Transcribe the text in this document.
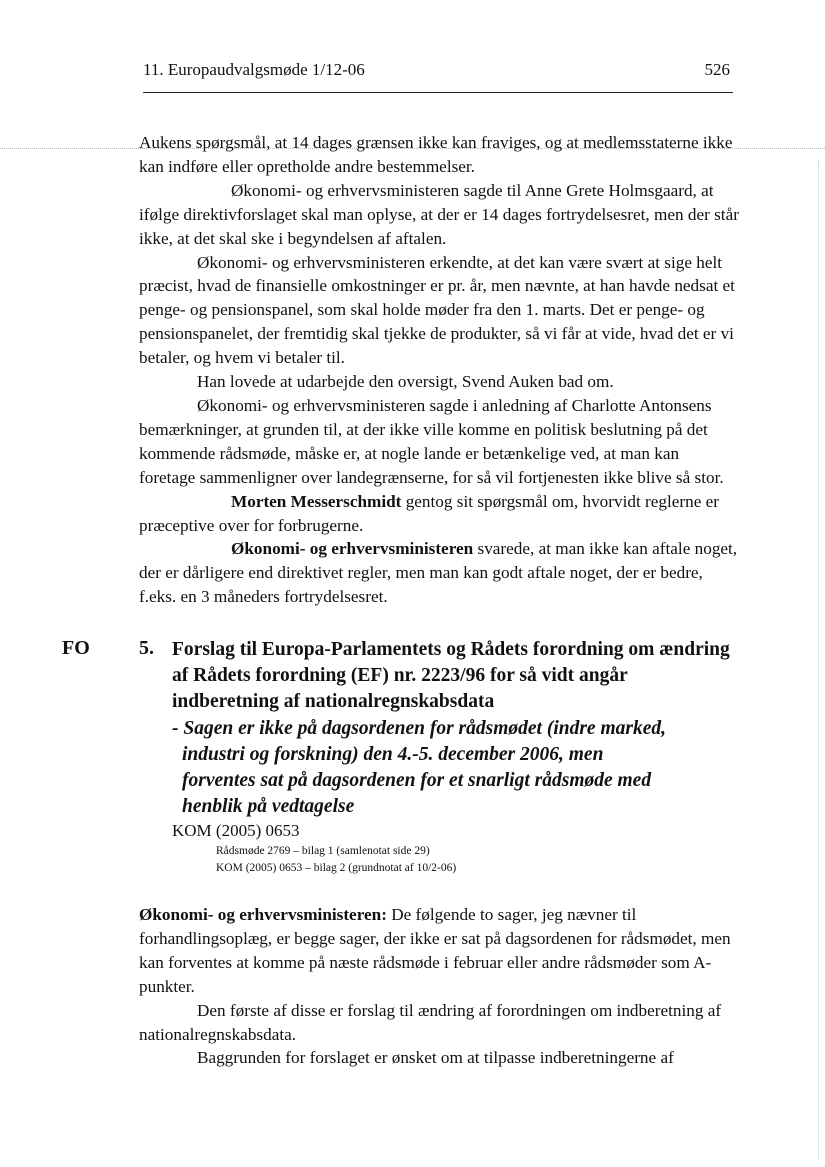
11. Europaudvalgsmøde 1/12-06	526

Aukens spørgsmål, at 14 dages grænsen ikke kan fraviges, og at medlemsstaterne ikke kan indføre eller opretholde andre bestemmelser.

Økonomi- og erhvervsministeren sagde til Anne Grete Holmsgaard, at ifølge direktivforslaget skal man oplyse, at der er 14 dages fortrydelsesret, men der står ikke, at det skal ske i begyndelsen af aftalen.

Økonomi- og erhvervsministeren erkendte, at det kan være svært at sige helt præcist, hvad de finansielle omkostninger er pr. år, men nævnte, at han havde nedsat et penge- og pensionspanel, som skal holde møder fra den 1. marts. Det er penge- og pensionspanelet, der fremtidig skal tjekke de produkter, så vi får at vide, hvad det er vi betaler, og hvem vi betaler til.

Han lovede at udarbejde den oversigt, Svend Auken bad om.

Økonomi- og erhvervsministeren sagde i anledning af Charlotte Antonsens bemærkninger, at grunden til, at der ikke ville komme en politisk beslutning på det kommende rådsmøde, måske er, at nogle lande er betænkelige ved, at man kan foretage sammenligner over landegrænserne, for så vil fortjenesten ikke blive så stor.

Morten Messerschmidt gentog sit spørgsmål om, hvorvidt reglerne er præceptive over for forbrugerne.

Økonomi- og erhvervsministeren svarede, at man ikke kan aftale noget, der er dårligere end direktivet regler, men man kan godt aftale noget, der er bedre, f.eks. en 3 måneders fortrydelsesret.

FO 5. Forslag til Europa-Parlamentets og Rådets forordning om ændring af Rådets forordning (EF) nr. 2223/96 for så vidt angår indberetning af nationalregnskabsdata
- Sagen er ikke på dagsordenen for rådsmødet (indre marked,
industri og forskning) den 4.-5. december 2006, men
forventes sat på dagsordenen for et snarligt rådsmøde med
henblik på vedtagelse
KOM (2005) 0653
Rådsmøde 2769 – bilag 1 (samlenotat side 29)
KOM (2005) 0653 – bilag 2 (grundnotat af 10/2-06)

Økonomi- og erhvervsministeren: De følgende to sager, jeg nævner til forhandlingsoplæg, er begge sager, der ikke er sat på dagsordenen for rådsmødet, men kan forventes at komme på næste rådsmøde i februar eller andre rådsmøder som A-punkter.

Den første af disse er forslag til ændring af forordningen om indberetning af nationalregnskabsdata.

Baggrunden for forslaget er ønsket om at tilpasse indberetningerne af
